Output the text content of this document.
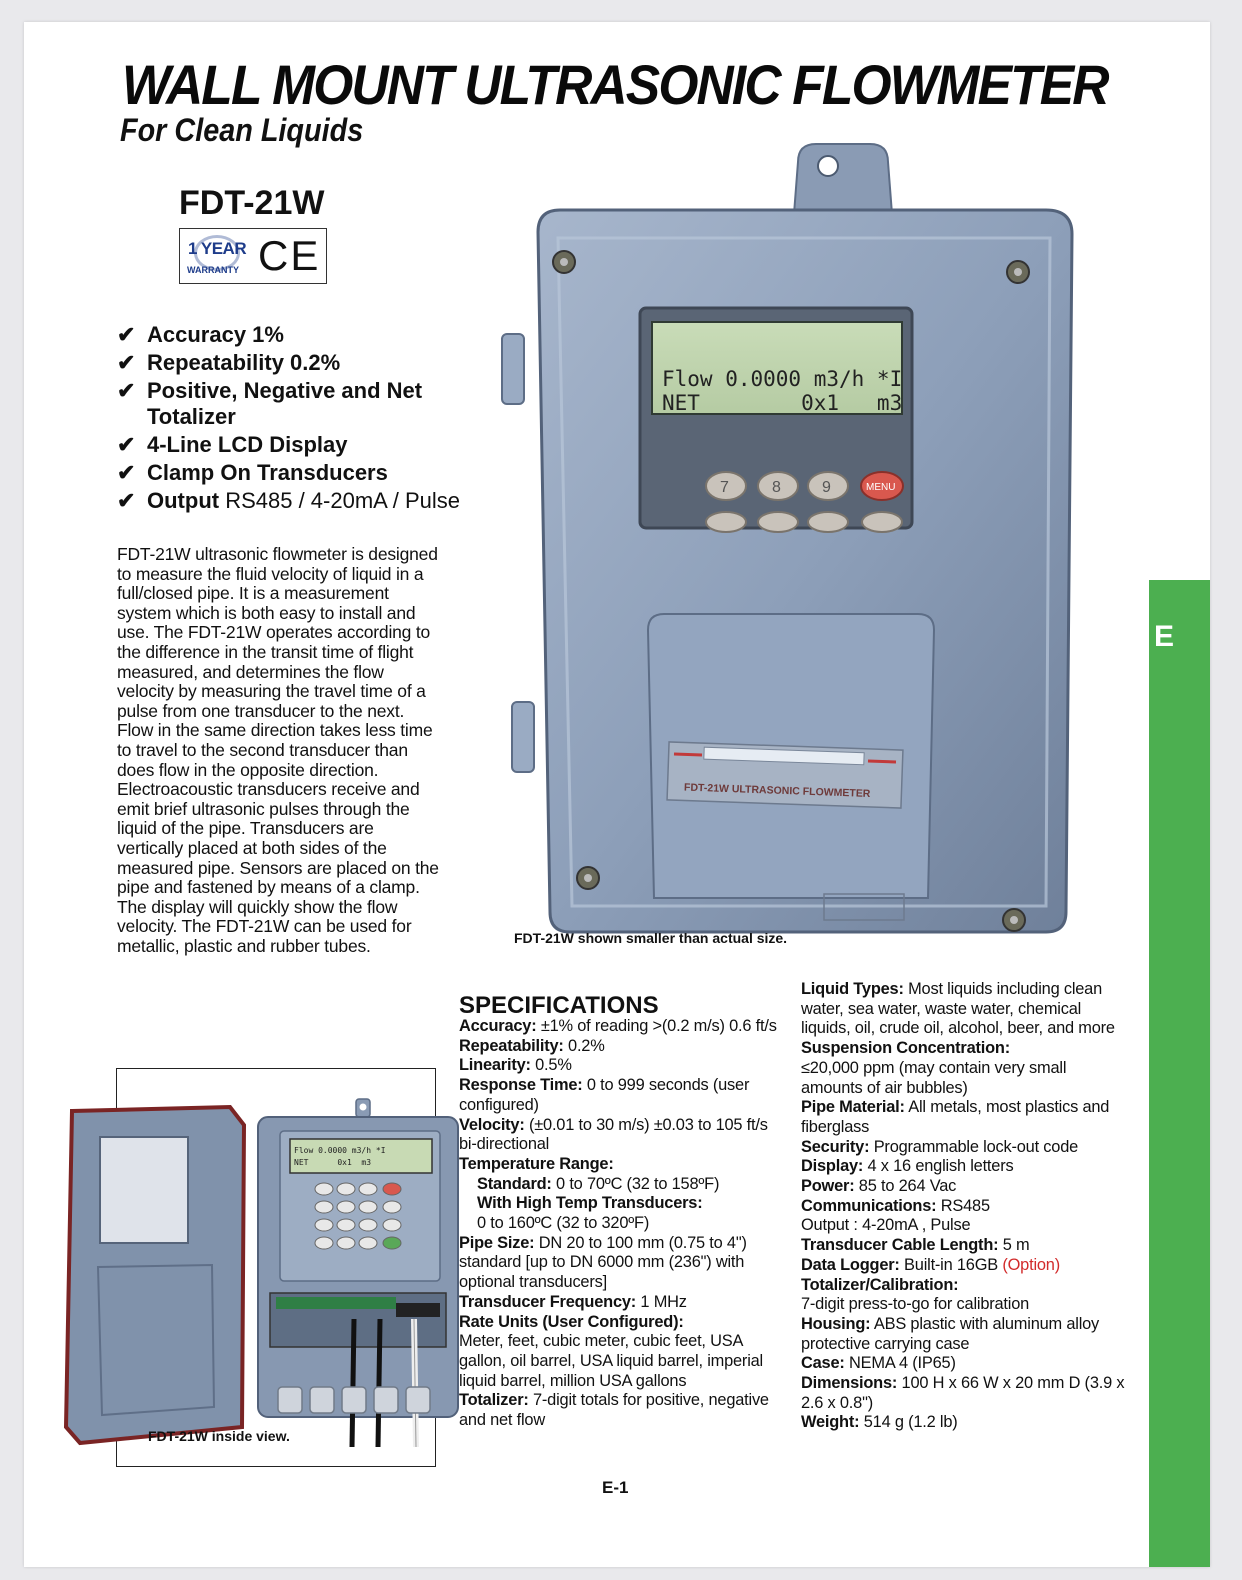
WALL MOUNT ULTRASONIC FLOWMETER
For Clean Liquids
FDT-21W
1 YEAR
WARRANTY CE
✔ Accuracy 1%
✔ Repeatability 0.2%
✔ Positive, Negative and Net Totalizer
✔ 4-Line LCD Display
✔ Clamp On Transducers
✔ Output RS485 / 4-20mA / Pulse
FDT-21W ultrasonic flowmeter is designed to measure the fluid velocity of liquid in a full/closed pipe. It is a measurement system which is both easy to install and use. The FDT-21W operates according to the difference in the transit time of flight measured, and determines the flow velocity by measuring the travel time of a pulse from one transducer to the next. Flow in the same direction takes less time to travel to the second transducer than does flow in the opposite direction. Electroacoustic transducers receive and emit brief ultrasonic pulses through the liquid of the pipe. Transducers are vertically placed at both sides of the measured pipe. Sensors are placed on the pipe and fastened by means of a clamp. The display will quickly show the flow velocity. The FDT-21W can be used for metallic, plastic and rubber tubes.
Flow 0.0000 m3/h *I
NET        0x1   m3
7	8	9	MENU
FDT-21W ULTRASONIC FLOWMETER
FDT-21W shown smaller than actual size.
Flow 0.0000 m3/h *I
NET      0x1  m3
FDT-21W inside view.
SPECIFICATIONS

Accuracy: ±1% of reading >(0.2 m/s) 0.6 ft/s

Repeatability: 0.2%

Linearity: 0.5%

Response Time: 0 to 999 seconds (user configured)

Velocity: (±0.01 to 30 m/s) ±0.03 to 105 ft/s bi-directional

Temperature Range:

Standard: 0 to 70ºC (32 to 158ºF)

With High Temp Transducers:

0 to 160ºC (32 to 320ºF)

Pipe Size: DN 20 to 100 mm (0.75 to 4") standard [up to DN 6000 mm (236") with optional transducers]

Transducer Frequency: 1 MHz

Rate Units (User Configured):

Meter, feet, cubic meter, cubic feet, USA gallon, oil barrel, USA liquid barrel, imperial liquid barrel, million USA gallons

Totalizer: 7-digit totals for positive, negative and net flow

Liquid Types: Most liquids including clean water, sea water, waste water, chemical liquids, oil, crude oil, alcohol, beer, and more

Suspension Concentration:

≤20,000 ppm (may contain very small amounts of air bubbles)

Pipe Material: All metals, most plastics and fiberglass

Security: Programmable lock-out code

Display: 4 x 16 english letters

Power: 85 to 264 Vac

Communications: RS485

Output : 4-20mA , Pulse

Transducer Cable Length: 5 m

Data Logger: Built-in 16GB (Option)

Totalizer/Calibration:

7-digit press-to-go for calibration

Housing: ABS plastic with aluminum alloy protective carrying case

Case: NEMA 4 (IP65)

Dimensions: 100 H x 66 W x 20 mm D (3.9 x 2.6 x 0.8")

Weight: 514 g (1.2 lb)

E-1
E
